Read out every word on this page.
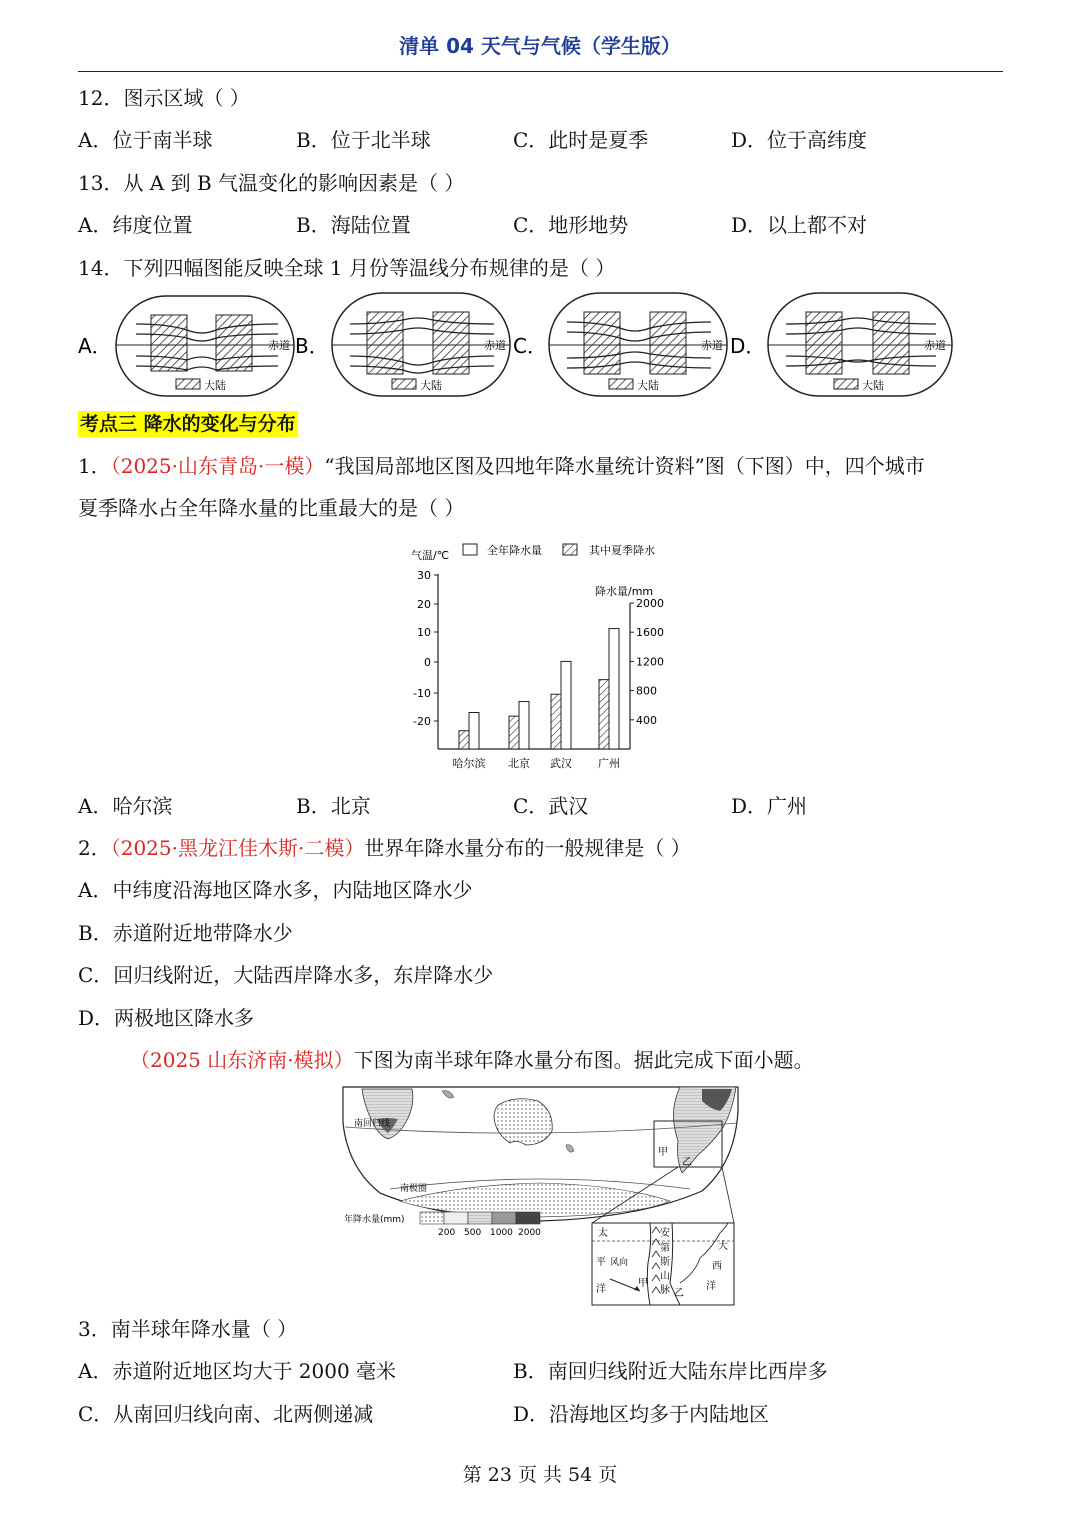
清单 04 天气与气候（学生版）
12．图示区域（ ）
A．位于南半球	B．位于北半球	C．此时是夏季	D．位于高纬度
13．从 A 到 B 气温变化的影响因素是（ ）
A．纬度位置	B．海陆位置	C．地形地势	D．以上都不对
14．下列四幅图能反映全球 1 月份等温线分布规律的是（ ）
A．	赤道
大陆
B．	赤道
大陆
C．	赤道
大陆
D．	赤道
大陆
考点三 降水的变化与分布
1．（2025·山东青岛·一模）“我国局部地区图及四地年降水量统计资料”图（下图）中，四个城市
夏季降水占全年降水量的比重最大的是（ ）
气温/℃	全年降水量	其中夏季降水
降水量/mm
30
20
10
0
-10
-20
2000
1600
1200
800
400
哈尔滨 北京 武汉 广州
A．哈尔滨	B．北京	C．武汉	D．广州
2．（2025·黑龙江佳木斯·二模）世界年降水量分布的一般规律是（ ）
A．中纬度沿海地区降水多，内陆地区降水少
B．赤道附近地带降水少
C．回归线附近，大陆西岸降水多，东岸降水少
D．两极地区降水多
（2025 山东济南·模拟）下图为南半球年降水量分布图。据此完成下面小题。
南回归线
南极圈
甲
乙
年降水量(mm)
200 500 1000 2000	太
平 风向
洋
安
第
斯
山
脉
甲
乙
大
西
洋
3．南半球年降水量（ ）
A．赤道附近地区均大于 2000 毫米	B．南回归线附近大陆东岸比西岸多
C．从南回归线向南、北两侧递减	D．沿海地区均多于内陆地区
第 23 页 共 54 页
